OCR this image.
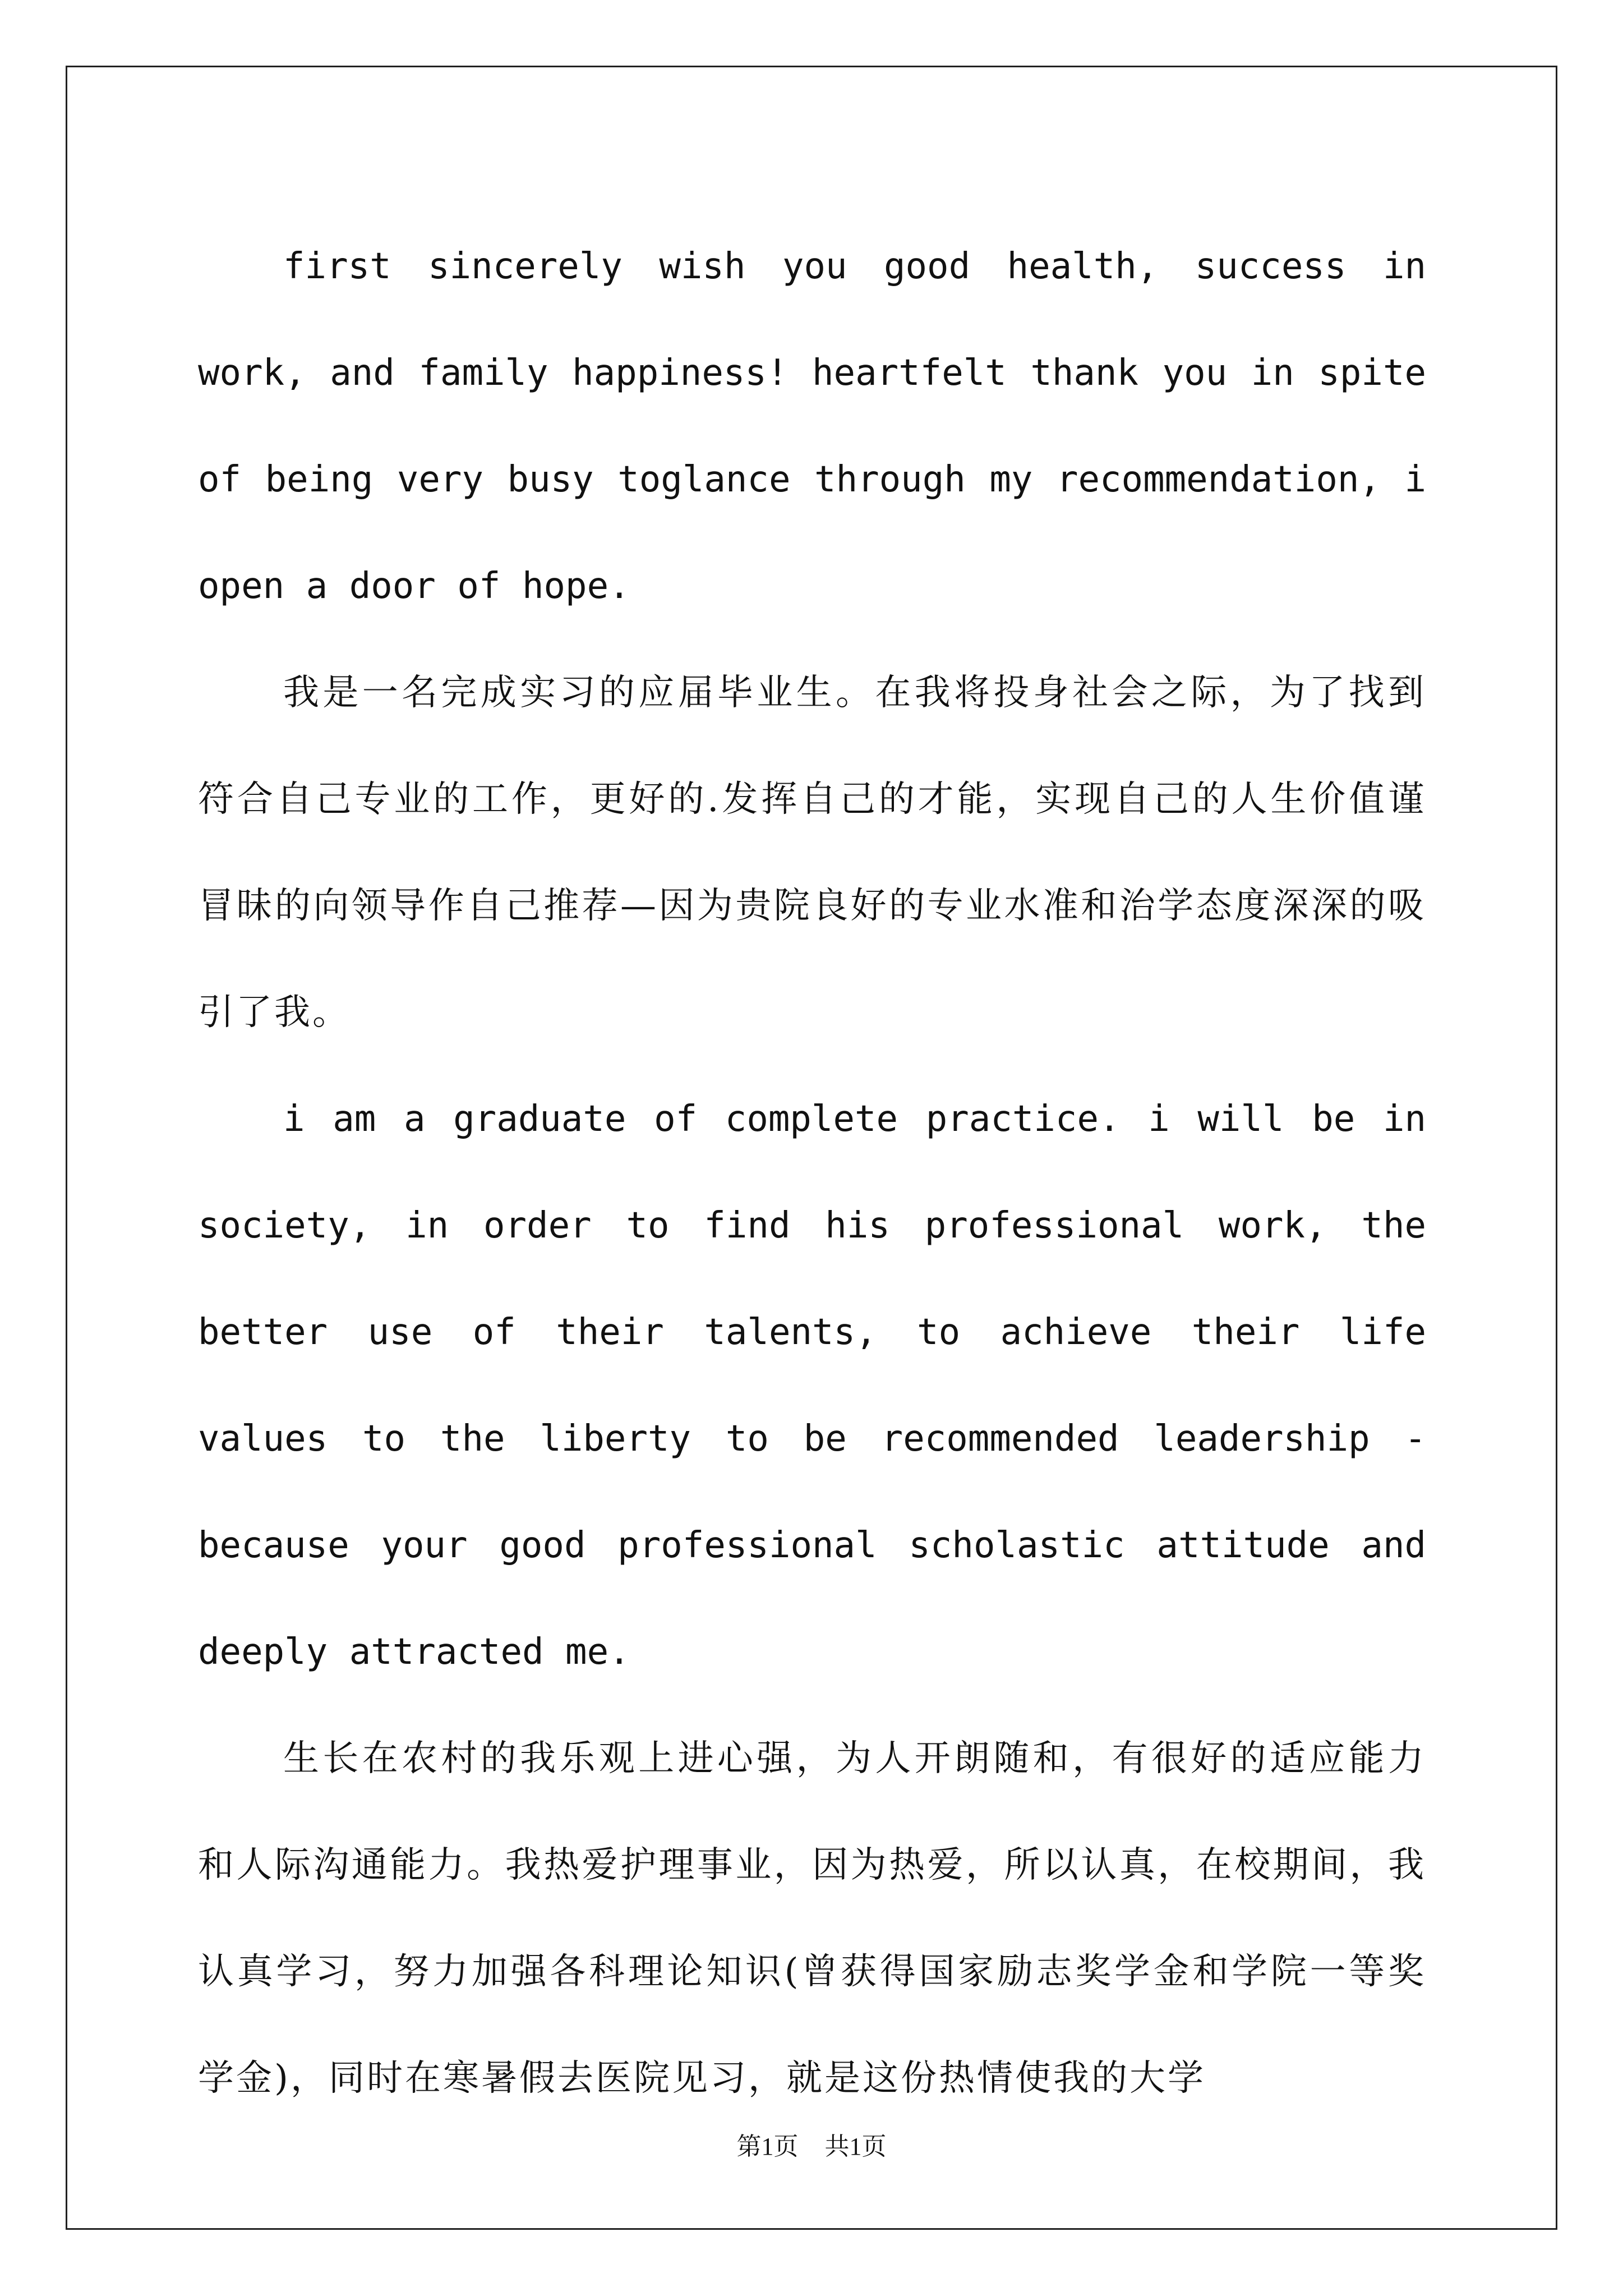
first sincerely wish you good health, success in work, and family happiness! heartfelt thank you in spite of being very busy toglance through my recommendation, i open a door of hope.

我是一名完成实习的应届毕业生。在我将投身社会之际，为了找到符合自己专业的工作，更好的.发挥自己的才能，实现自己的人生价值谨冒昧的向领导作自己推荐—因为贵院良好的专业水准和治学态度深深的吸引了我。

i am a graduate of complete practice. i will be in society, in order to find his professional work, the better use of their talents, to achieve their life values to the liberty to be recommended leadership - because your good professional scholastic attitude and deeply attracted me.

生长在农村的我乐观上进心强，为人开朗随和，有很好的适应能力和人际沟通能力。我热爱护理事业，因为热爱，所以认真，在校期间，我认真学习，努力加强各科理论知识(曾获得国家励志奖学金和学院一等奖学金)，同时在寒暑假去医院见习，就是这份热情使我的大学

第1页 共1页
